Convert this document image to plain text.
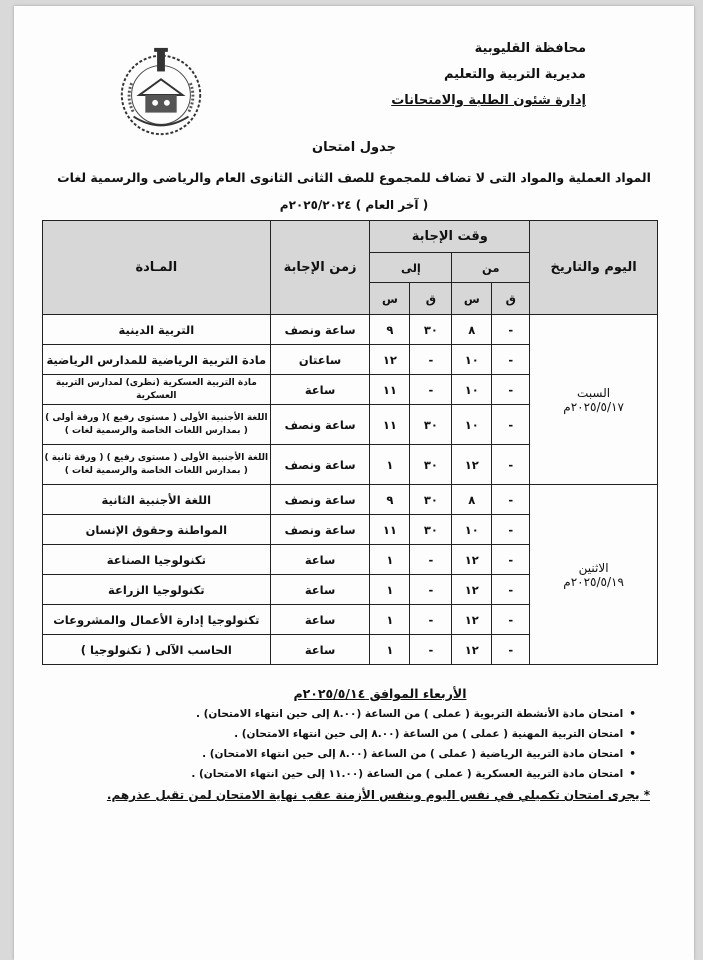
محافظة القليوبية
مديرية التربية والتعليم
إدارة شئون الطلبة والامتحانات
جدول امتحان
المواد العملية والمواد التى لا تضاف للمجموع للصف الثانى الثانوى العام والرياضى والرسمية لغات
( آخر العام ) ٢٠٢٥/٢٠٢٤م
اليوم والتاريخ	وقت الإجابة				زمن الإجابة	المـادة
	من		إلى			
	ق	س	ق	س		

السبت
٢٠٢٥/٥/١٧م	-	٨	٣٠	٩	ساعة ونصف	التربية الدينية
	-	١٠	-	١٢	ساعتان	مادة التربية الرياضية للمدارس الرياضية
	-	١٠	-	١١	ساعة	مادة التربية العسكرية (نظرى) لمدارس التربية العسكرية
	-	١٠	٣٠	١١	ساعة ونصف	اللغة الأجنبية الأولى ( مستوى رفيع )( ورقة أولى )
( بمدارس اللغات الخاصة والرسمية لغات )

	-	١٢	٣٠	١	ساعة ونصف	اللغة الأجنبية الأولى ( مستوى رفيع ) ( ورقة ثانية )
( بمدارس اللغات الخاصة والرسمية لغات )

الاثنين
٢٠٢٥/٥/١٩م	-	٨	٣٠	٩	ساعة ونصف	اللغة الأجنبية الثانية
	-	١٠	٣٠	١١	ساعة ونصف	المواطنة وحقوق الإنسان
	-	١٢	-	١	ساعة	تكنولوجيا الصناعة
	-	١٢	-	١	ساعة	تكنولوجيا الزراعة
	-	١٢	-	١	ساعة	تكنولوجيا إدارة الأعمال والمشروعات
	-	١٢	-	١	ساعة	الحاسب الآلى ( تكنولوجيا )
الأربعاء الموافق ٢٠٢٥/٥/١٤م
• امتحان مادة الأنشطة التربوية ( عملى ) من الساعة (٨.٠٠ إلى حين انتهاء الامتحان) .
• امتحان التربية المهنية ( عملى ) من الساعة (٨.٠٠ إلى حين انتهاء الامتحان) .
• امتحان مادة التربية الرياضية ( عملى ) من الساعة (٨.٠٠ إلى حين انتهاء الامتحان) .
• امتحان مادة التربية العسكرية ( عملى ) من الساعة (١١.٠٠ إلى حين انتهاء الامتحان) .
* يجرى امتحان تكميلي في نفس اليوم وبنفس الأزمنة عقب نهاية الامتحان لمن تقبل عذرهم.
